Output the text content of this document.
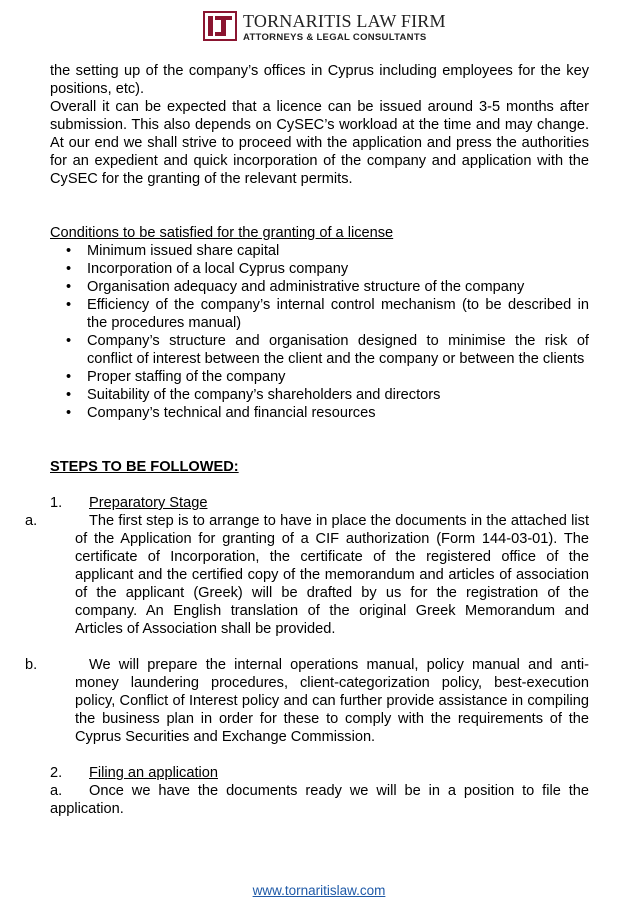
TORNARITIS LAW FIRM
ATTORNEYS & LEGAL CONSULTANTS

the setting up of the company’s offices in Cyprus including employees for the key positions, etc).

Overall it can be expected that a licence can be issued around 3-5 months after submission. This also depends on CySEC’s workload at the time and may change. At our end we shall strive to proceed with the application and press the authorities for an expedient and quick incorporation of the company and application with the CySEC for the granting of the relevant permits.

Conditions to be satisfied for the granting of a license
• Minimum issued share capital
• Incorporation of a local Cyprus company
• Organisation adequacy and administrative structure of the company
• Efficiency of the company’s internal control mechanism (to be described in the procedures manual)
• Company’s structure and organisation designed to minimise the risk of conflict of interest between the client and the company or between the clients
• Proper staffing of the company
• Suitability of the company’s shareholders and directors
• Company’s technical and financial resources
STEPS TO BE FOLLOWED:
1. Preparatory Stage
a.	The first step is to arrange to have in place the documents in the attached list of the Application for granting of a CIF authorization (Form 144-03-01). The certificate of Incorporation, the certificate of the registered office of the applicant and the certified copy of the memorandum and articles of association of the applicant (Greek) will be drafted by us for the registration of the company. An English translation of the original Greek Memorandum and Articles of Association shall be provided.
b.	We will prepare the internal operations manual, policy manual and anti-money laundering procedures, client-categorization policy, best-execution policy, Conflict of Interest policy and can further provide assistance in compiling the business plan in order for these to comply with the requirements of the Cyprus Securities and Exchange Commission.
2. Filing an application

a. Once we have the documents ready we will be in a position to file the application.

www.tornaritislaw.com
